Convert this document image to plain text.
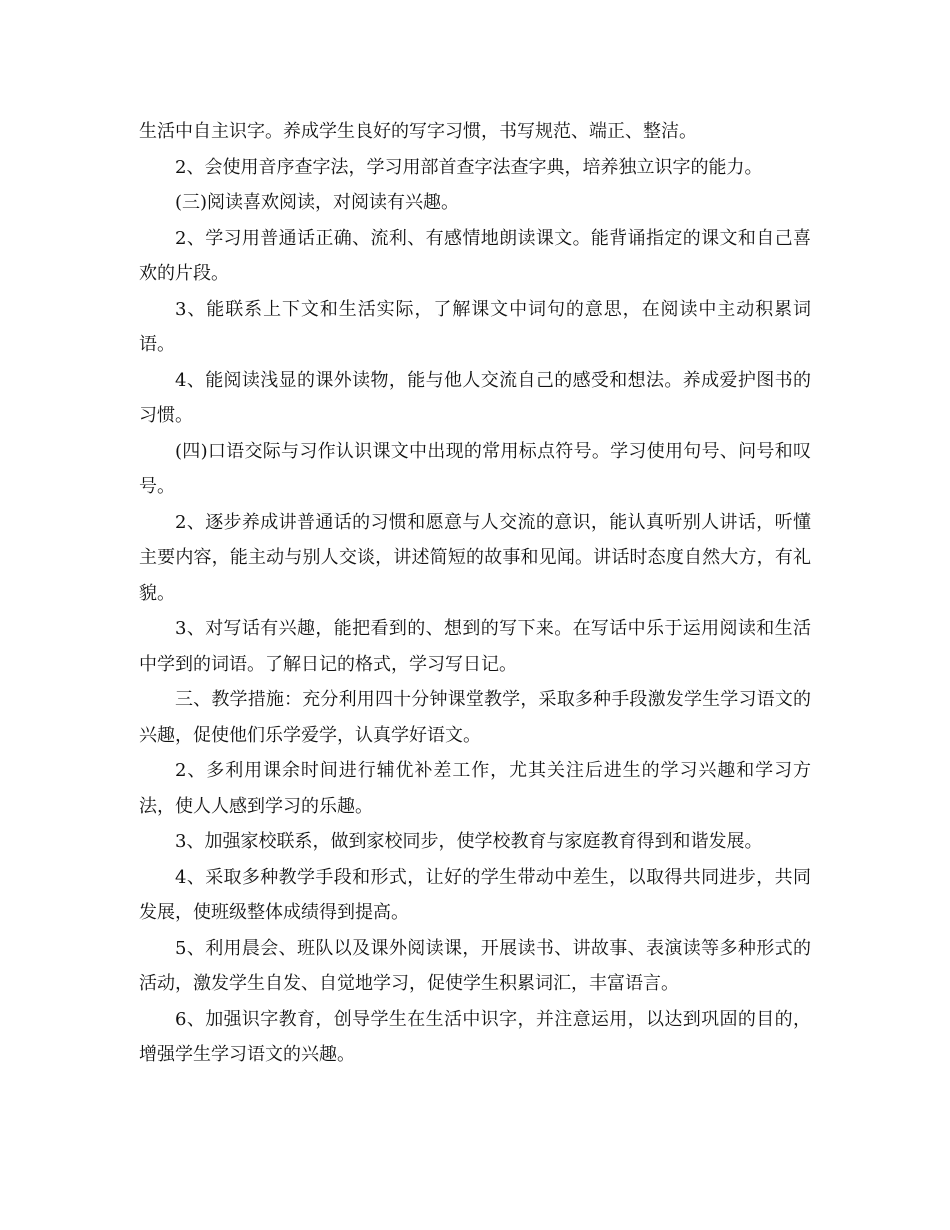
生活中自主识字。养成学生良好的写字习惯，书写规范、端正、整洁。

2、会使用音序查字法，学习用部首查字法查字典，培养独立识字的能力。

(三)阅读喜欢阅读，对阅读有兴趣。

2、学习用普通话正确、流利、有感情地朗读课文。能背诵指定的课文和自己喜欢的片段。

3、能联系上下文和生活实际，了解课文中词句的意思，在阅读中主动积累词语。

4、能阅读浅显的课外读物，能与他人交流自己的感受和想法。养成爱护图书的习惯。

(四)口语交际与习作认识课文中出现的常用标点符号。学习使用句号、问号和叹号。

2、逐步养成讲普通话的习惯和愿意与人交流的意识，能认真听别人讲话，听懂主要内容，能主动与别人交谈，讲述简短的故事和见闻。讲话时态度自然大方，有礼貌。

3、对写话有兴趣，能把看到的、想到的写下来。在写话中乐于运用阅读和生活中学到的词语。了解日记的格式，学习写日记。

三、教学措施：充分利用四十分钟课堂教学，采取多种手段激发学生学习语文的兴趣，促使他们乐学爱学，认真学好语文。

2、多利用课余时间进行辅优补差工作，尤其关注后进生的学习兴趣和学习方法，使人人感到学习的乐趣。

3、加强家校联系，做到家校同步，使学校教育与家庭教育得到和谐发展。

4、采取多种教学手段和形式，让好的学生带动中差生，以取得共同进步，共同发展，使班级整体成绩得到提高。

5、利用晨会、班队以及课外阅读课，开展读书、讲故事、表演读等多种形式的活动，激发学生自发、自觉地学习，促使学生积累词汇，丰富语言。

6、加强识字教育，创导学生在生活中识字，并注意运用，以达到巩固的目的，增强学生学习语文的兴趣。
